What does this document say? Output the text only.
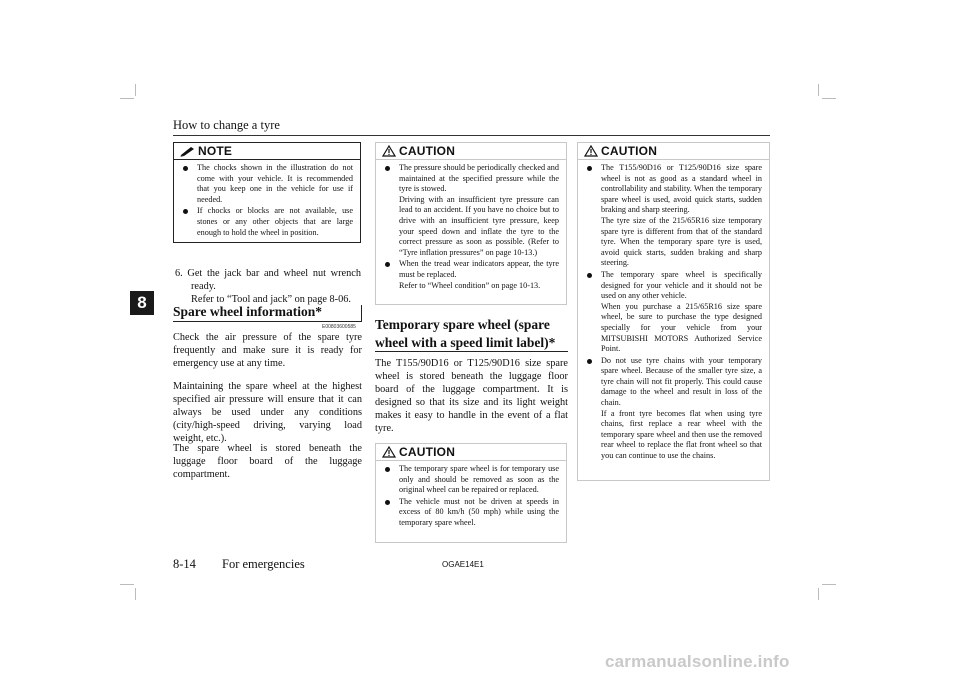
How to change a tyre
8
NOTE
The chocks shown in the illustration do not come with your vehicle. It is recommended that you keep one in the vehicle for use if needed.
If chocks or blocks are not available, use stones or any other objects that are large enough to hold the wheel in position.

6. Get the jack bar and wheel nut wrench ready.
Refer to “Tool and jack” on page 8-06.

Spare wheel information*
E00803600585

Check the air pressure of the spare tyre frequently and make sure it is ready for emergency use at any time.

Maintaining the spare wheel at the highest specified air pressure will ensure that it can always be used under any conditions (city/high-speed driving, varying load weight, etc.).

The spare wheel is stored beneath the luggage floor board of the luggage compartment.

CAUTION
The pressure should be periodically checked and maintained at the specified pressure while the tyre is stowed.
Driving with an insufficient tyre pressure can lead to an accident. If you have no choice but to drive with an insufficient tyre pressure, keep your speed down and inflate the tyre to the correct pressure as soon as possible. (Refer to “Tyre inflation pressures” on page 10-13.)
When the tread wear indicators appear, the tyre must be replaced.
Refer to “Wheel condition” on page 10-13.
Temporary spare wheel (spare
wheel with a speed limit label)*

The T155/90D16 or T125/90D16 size spare wheel is stored beneath the luggage floor board of the luggage compartment. It is designed so that its size and its light weight makes it easy to handle in the event of a flat tyre.

CAUTION
The temporary spare wheel is for temporary use only and should be removed as soon as the original wheel can be repaired or replaced.
The vehicle must not be driven at speeds in excess of 80 km/h (50 mph) while using the temporary spare wheel.
CAUTION
The T155/90D16 or T125/90D16 size spare wheel is not as good as a standard wheel in controllability and stability. When the temporary spare wheel is used, avoid quick starts, sudden braking and sharp steering.
The tyre size of the 215/65R16 size temporary spare tyre is different from that of the standard tyre. When the temporary spare tyre is used, avoid quick starts, sudden braking and sharp steering.
The temporary spare wheel is specifically designed for your vehicle and it should not be used on any other vehicle.
When you purchase a 215/65R16 size spare wheel, be sure to purchase the type designed specially for your vehicle from your MITSUBISHI MOTORS Authorized Service Point.
Do not use tyre chains with your temporary spare wheel. Because of the smaller tyre size, a tyre chain will not fit properly. This could cause damage to the wheel and result in loss of the chain.
If a front tyre becomes flat when using tyre chains, first replace a rear wheel with the temporary spare wheel and then use the removed rear wheel to replace the flat front wheel so that you can continue to use the chains.
8-14 For emergencies	OGAE14E1
carmanualsonline.info
